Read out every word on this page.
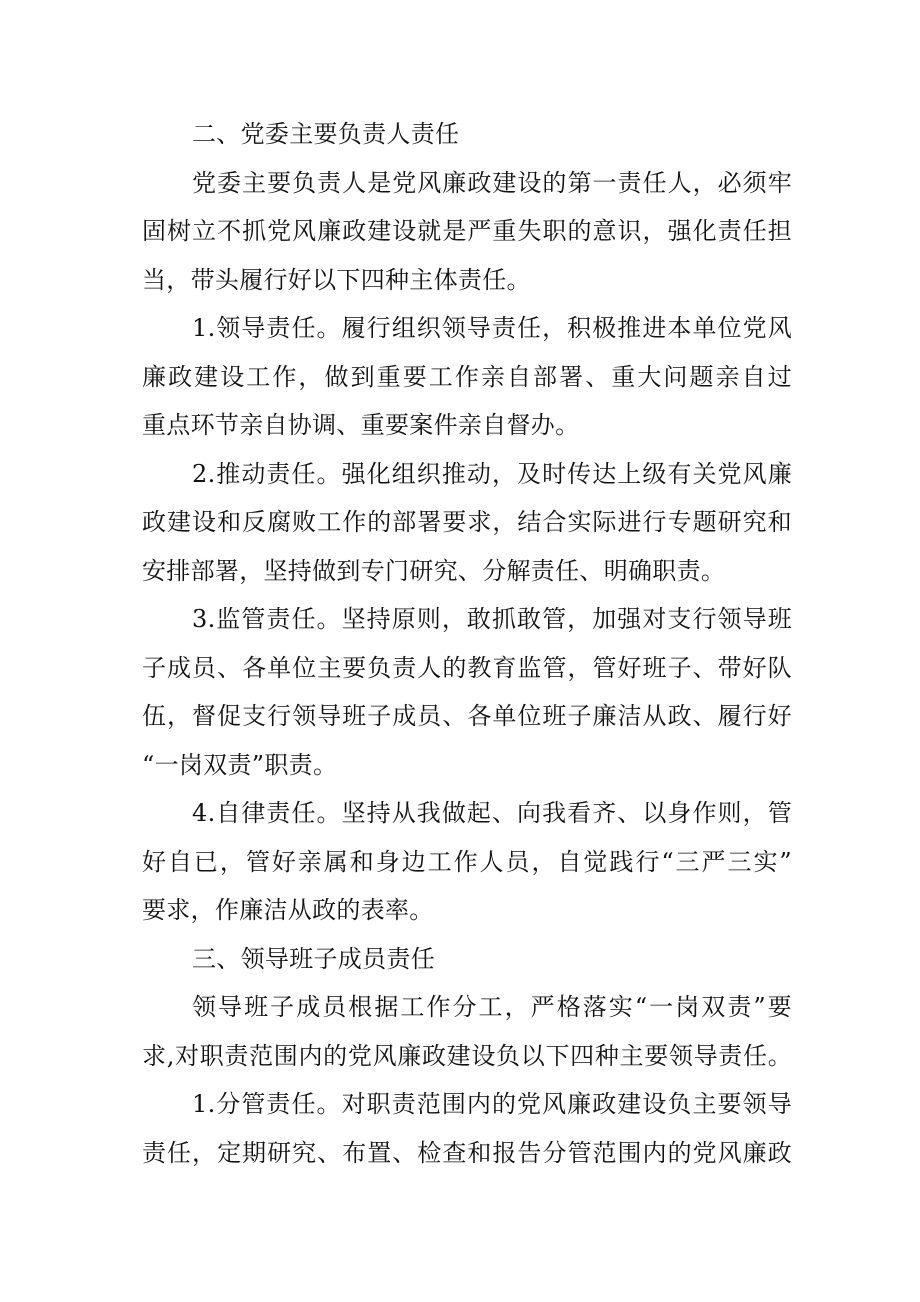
二、党委主要负责人责任

党委主要负责人是党风廉政建设的第一责任人，必须牢
固树立不抓党风廉政建设就是严重失职的意识，强化责任担
当，带头履行好以下四种主体责任。
1.领导责任。履行组织领导责任，积极推进本单位党风
廉政建设工作，做到重要工作亲自部署、重大问题亲自过
重点环节亲自协调、重要案件亲自督办。
2.推动责任。强化组织推动，及时传达上级有关党风廉
政建设和反腐败工作的部署要求，结合实际进行专题研究和
安排部署，坚持做到专门研究、分解责任、明确职责。
3.监管责任。坚持原则，敢抓敢管，加强对支行领导班
子成员、各单位主要负责人的教育监管，管好班子、带好队
伍，督促支行领导班子成员、各单位班子廉洁从政、履行好
“一岗双责”职责。
4.自律责任。坚持从我做起、向我看齐、以身作则，管
好自已，管好亲属和身边工作人员，自觉践行“三严三实”
要求，作廉洁从政的表率。

三、领导班子成员责任

领导班子成员根据工作分工，严格落实“一岗双责”要
求,对职责范围内的党风廉政建设负以下四种主要领导责任。
1.分管责任。对职责范围内的党风廉政建设负主要领导
责任，定期研究、布置、检查和报告分管范围内的党风廉政
